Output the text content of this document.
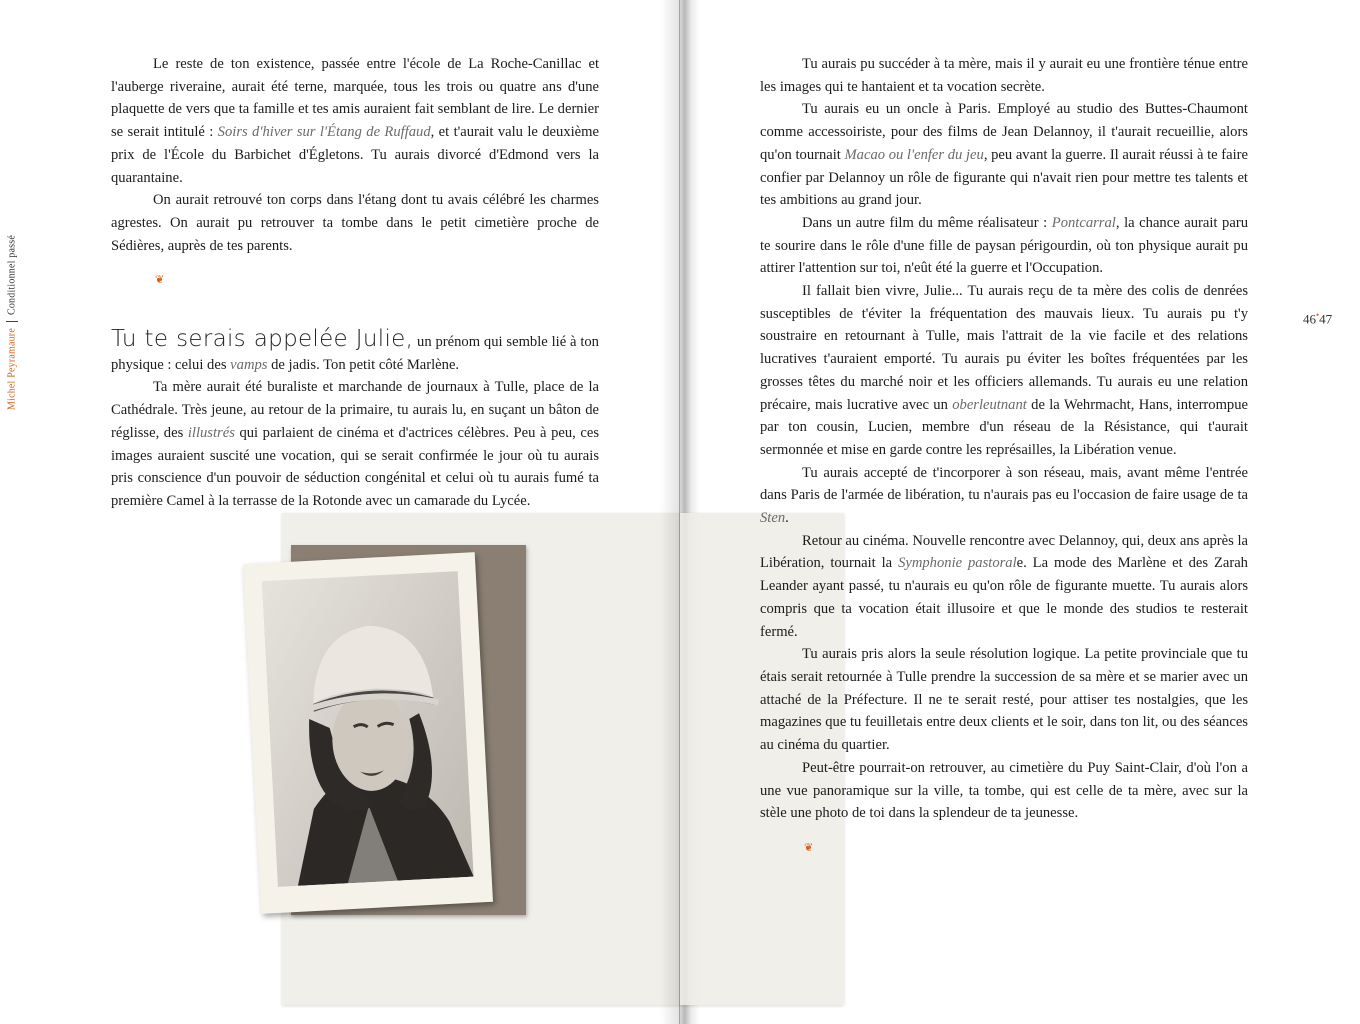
Michel PeyramaureConditionnel passé
46•47

Le reste de ton existence, passée entre l'école de La Roche-Canillac et l'auberge riveraine, aurait été terne, marquée, tous les trois ou quatre ans d'une plaquette de vers que ta famille et tes amis auraient fait semblant de lire. Le dernier se serait intitulé : Soirs d'hiver sur l'Étang de Ruffaud, et t'aurait valu le deuxième prix de l'École du Barbichet d'Égletons. Tu aurais divorcé d'Edmond vers la quarantaine.

On aurait retrouvé ton corps dans l'étang dont tu avais célébré les charmes agrestes. On aurait pu retrouver ta tombe dans le petit cimetière proche de Sédières, auprès de tes parents.

❦

Tu te serais appelée Julie, un prénom qui semble lié à ton physique : celui des vamps de jadis. Ton petit côté Marlène.

Ta mère aurait été buraliste et marchande de journaux à Tulle, place de la Cathédrale. Très jeune, au retour de la primaire, tu aurais lu, en suçant un bâton de réglisse, des illustrés qui parlaient de cinéma et d'actrices célèbres. Peu à peu, ces images auraient suscité une vocation, qui se serait confirmée le jour où tu aurais pris conscience d'un pouvoir de séduction congénital et celui où tu aurais fumé ta première Camel à la terrasse de la Rotonde avec un camarade du Lycée.

Tu aurais pu succéder à ta mère, mais il y aurait eu une frontière ténue entre les images qui te hantaient et ta vocation secrète.

Tu aurais eu un oncle à Paris. Employé au studio des Buttes-Chaumont comme accessoiriste, pour des films de Jean Delannoy, il t'aurait recueillie, alors qu'on tournait Macao ou l'enfer du jeu, peu avant la guerre. Il aurait réussi à te faire confier par Delannoy un rôle de figurante qui n'avait rien pour mettre tes talents et tes ambitions au grand jour.

Dans un autre film du même réalisateur : Pontcarral, la chance aurait paru te sourire dans le rôle d'une fille de paysan périgourdin, où ton physique aurait pu attirer l'attention sur toi, n'eût été la guerre et l'Occupation.

Il fallait bien vivre, Julie... Tu aurais reçu de ta mère des colis de denrées susceptibles de t'éviter la fréquentation des mauvais lieux. Tu aurais pu t'y soustraire en retournant à Tulle, mais l'attrait de la vie facile et des relations lucratives t'auraient emporté. Tu aurais pu éviter les boîtes fréquentées par les grosses têtes du marché noir et les officiers allemands. Tu aurais eu une relation précaire, mais lucrative avec un oberleutnant de la Wehrmacht, Hans, interrompue par ton cousin, Lucien, membre d'un réseau de la Résistance, qui t'aurait sermonnée et mise en garde contre les représailles, la Libération venue.

Tu aurais accepté de t'incorporer à son réseau, mais, avant même l'entrée dans Paris de l'armée de libération, tu n'aurais pas eu l'occasion de faire usage de ta Sten.

Retour au cinéma. Nouvelle rencontre avec Delannoy, qui, deux ans après la Libération, tournait la Symphonie pastorale. La mode des Marlène et des Zarah Leander ayant passé, tu n'aurais eu qu'on rôle de figurante muette. Tu aurais alors compris que ta vocation était illusoire et que le monde des studios te resterait fermé.

Tu aurais pris alors la seule résolution logique. La petite provinciale que tu étais serait retournée à Tulle prendre la succession de sa mère et se marier avec un attaché de la Préfecture. Il ne te serait resté, pour attiser tes nostalgies, que les magazines que tu feuilletais entre deux clients et le soir, dans ton lit, ou des séances au cinéma du quartier.

Peut-être pourrait-on retrouver, au cimetière du Puy Saint-Clair, d'où l'on a une vue panoramique sur la ville, ta tombe, qui est celle de ta mère, avec sur la stèle une photo de toi dans la splendeur de ta jeunesse.

❦
